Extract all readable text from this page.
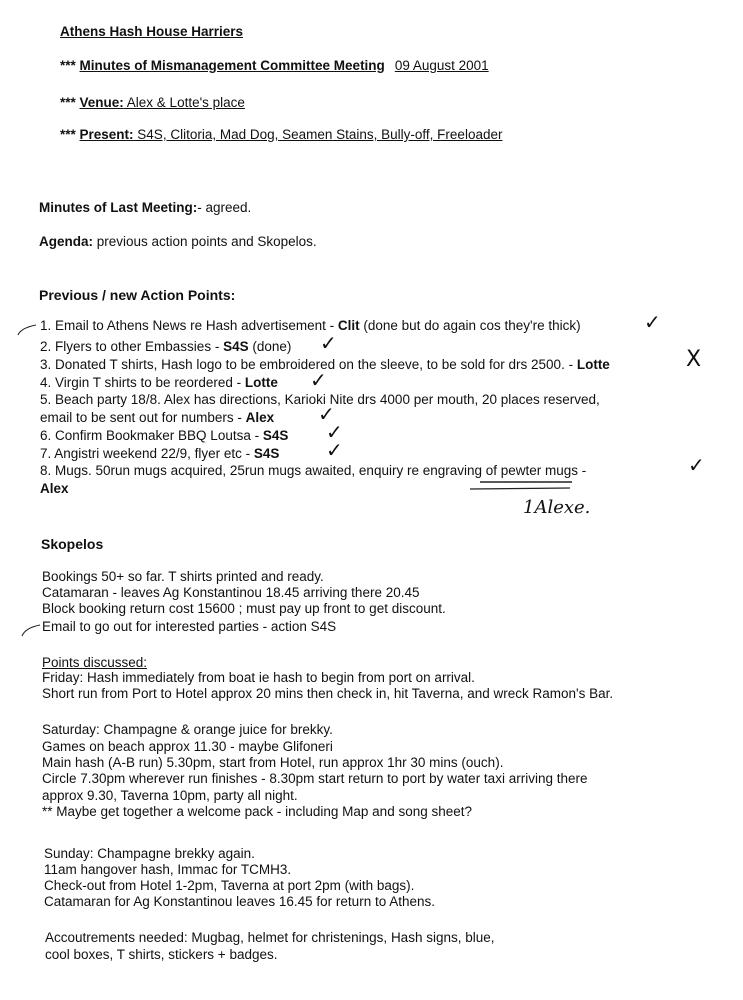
Athens Hash House Harriers
*** Minutes of Mismanagement Committee Meeting 09 August 2001
*** Venue: Alex & Lotte's place
*** Present: S4S, Clitoria, Mad Dog, Seamen Stains, Bully-off, Freeloader
Minutes of Last Meeting:- agreed.
Agenda: previous action points and Skopelos.
Previous / new Action Points:
1. Email to Athens News re Hash advertisement - Clit (done but do again cos they're thick)
2. Flyers to other Embassies - S4S (done)
3. Donated T shirts, Hash logo to be embroidered on the sleeve, to be sold for drs 2500. - Lotte
4. Virgin T shirts to be reordered - Lotte
5. Beach party 18/8. Alex has directions, Karioki Nite drs 4000 per mouth, 20 places reserved,
email to be sent out for numbers - Alex
6. Confirm Bookmaker BBQ Loutsa - S4S
7. Angistri weekend 22/9, flyer etc - S4S
8. Mugs. 50run mugs acquired, 25run mugs awaited, enquiry re engraving of pewter mugs -
Alex
✓
✓
X
✓
✓
✓
✓
✓
1Alexe.
Skopelos
Bookings 50+ so far. T shirts printed and ready.
Catamaran - leaves Ag Konstantinou 18.45 arriving there 20.45
Block booking return cost 15600 ; must pay up front to get discount.
Email to go out for interested parties - action S4S
Points discussed:
Friday: Hash immediately from boat ie hash to begin from port on arrival.
Short run from Port to Hotel approx 20 mins then check in, hit Taverna, and wreck Ramon's Bar.
Saturday: Champagne & orange juice for brekky.
Games on beach approx 11.30 - maybe Glifoneri
Main hash (A-B run) 5.30pm, start from Hotel, run approx 1hr 30 mins (ouch).
Circle 7.30pm wherever run finishes - 8.30pm start return to port by water taxi arriving there
approx 9.30, Taverna 10pm, party all night.
** Maybe get together a welcome pack - including Map and song sheet?
Sunday: Champagne brekky again.
11am hangover hash, Immac for TCMH3.
Check-out from Hotel 1-2pm, Taverna at port 2pm (with bags).
Catamaran for Ag Konstantinou leaves 16.45 for return to Athens.
Accoutrements needed: Mugbag, helmet for christenings, Hash signs, blue,
cool boxes, T shirts, stickers + badges.
